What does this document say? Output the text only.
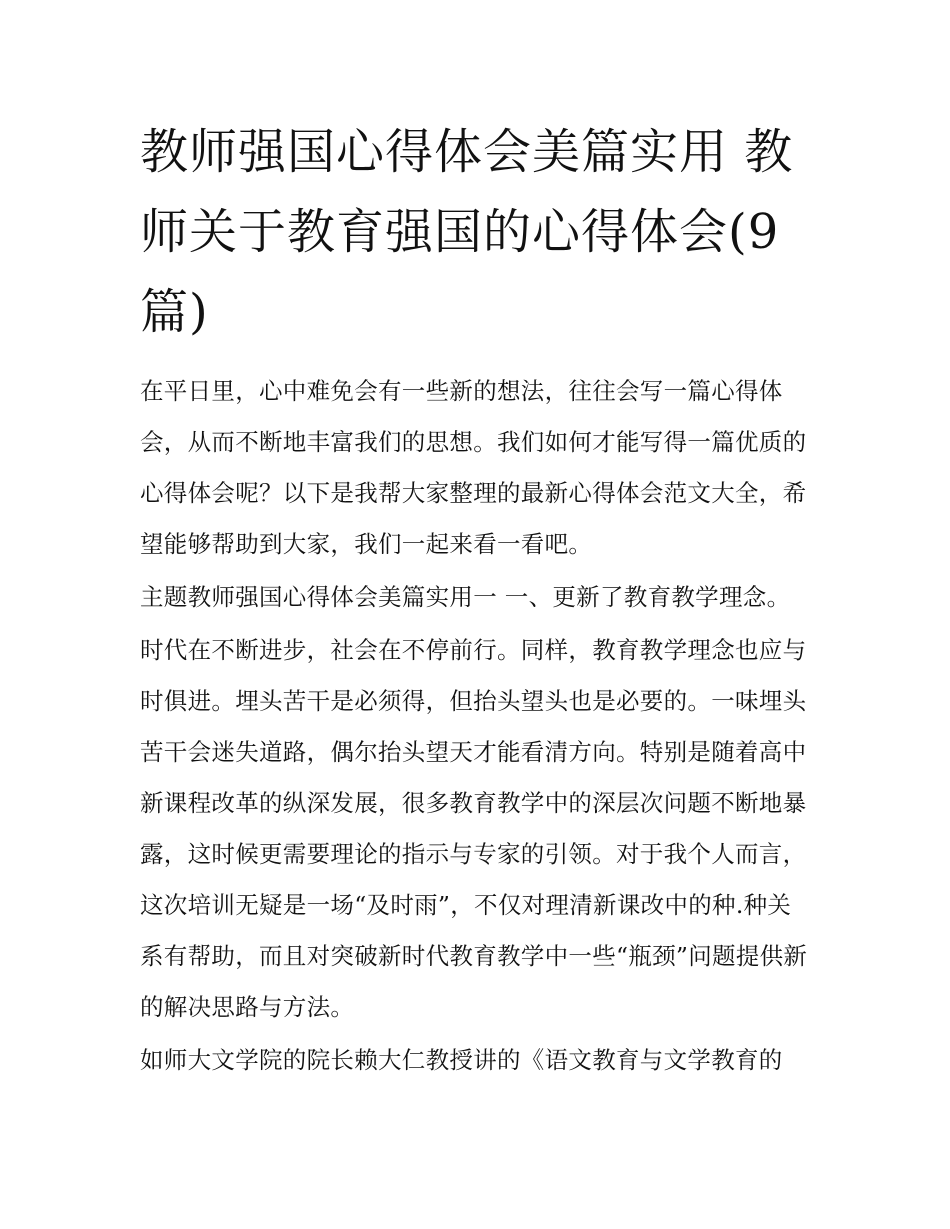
教师强国心得体会美篇实用 教师关于教育强国的心得体会(9篇)

在平日里，心中难免会有一些新的想法，往往会写一篇心得体会，从而不断地丰富我们的思想。我们如何才能写得一篇优质的心得体会呢？以下是我帮大家整理的最新心得体会范文大全，希望能够帮助到大家，我们一起来看一看吧。

主题教师强国心得体会美篇实用一 一、更新了教育教学理念。

时代在不断进步，社会在不停前行。同样，教育教学理念也应与时俱进。埋头苦干是必须得，但抬头望头也是必要的。一味埋头苦干会迷失道路，偶尔抬头望天才能看清方向。特别是随着高中新课程改革的纵深发展，很多教育教学中的深层次问题不断地暴露，这时候更需要理论的指示与专家的引领。对于我个人而言，这次培训无疑是一场“及时雨”，不仅对理清新课改中的种.种关系有帮助，而且对突破新时代教育教学中一些“瓶颈”问题提供新的解决思路与方法。

如师大文学院的院长赖大仁教授讲的《语文教育与文学教育的
